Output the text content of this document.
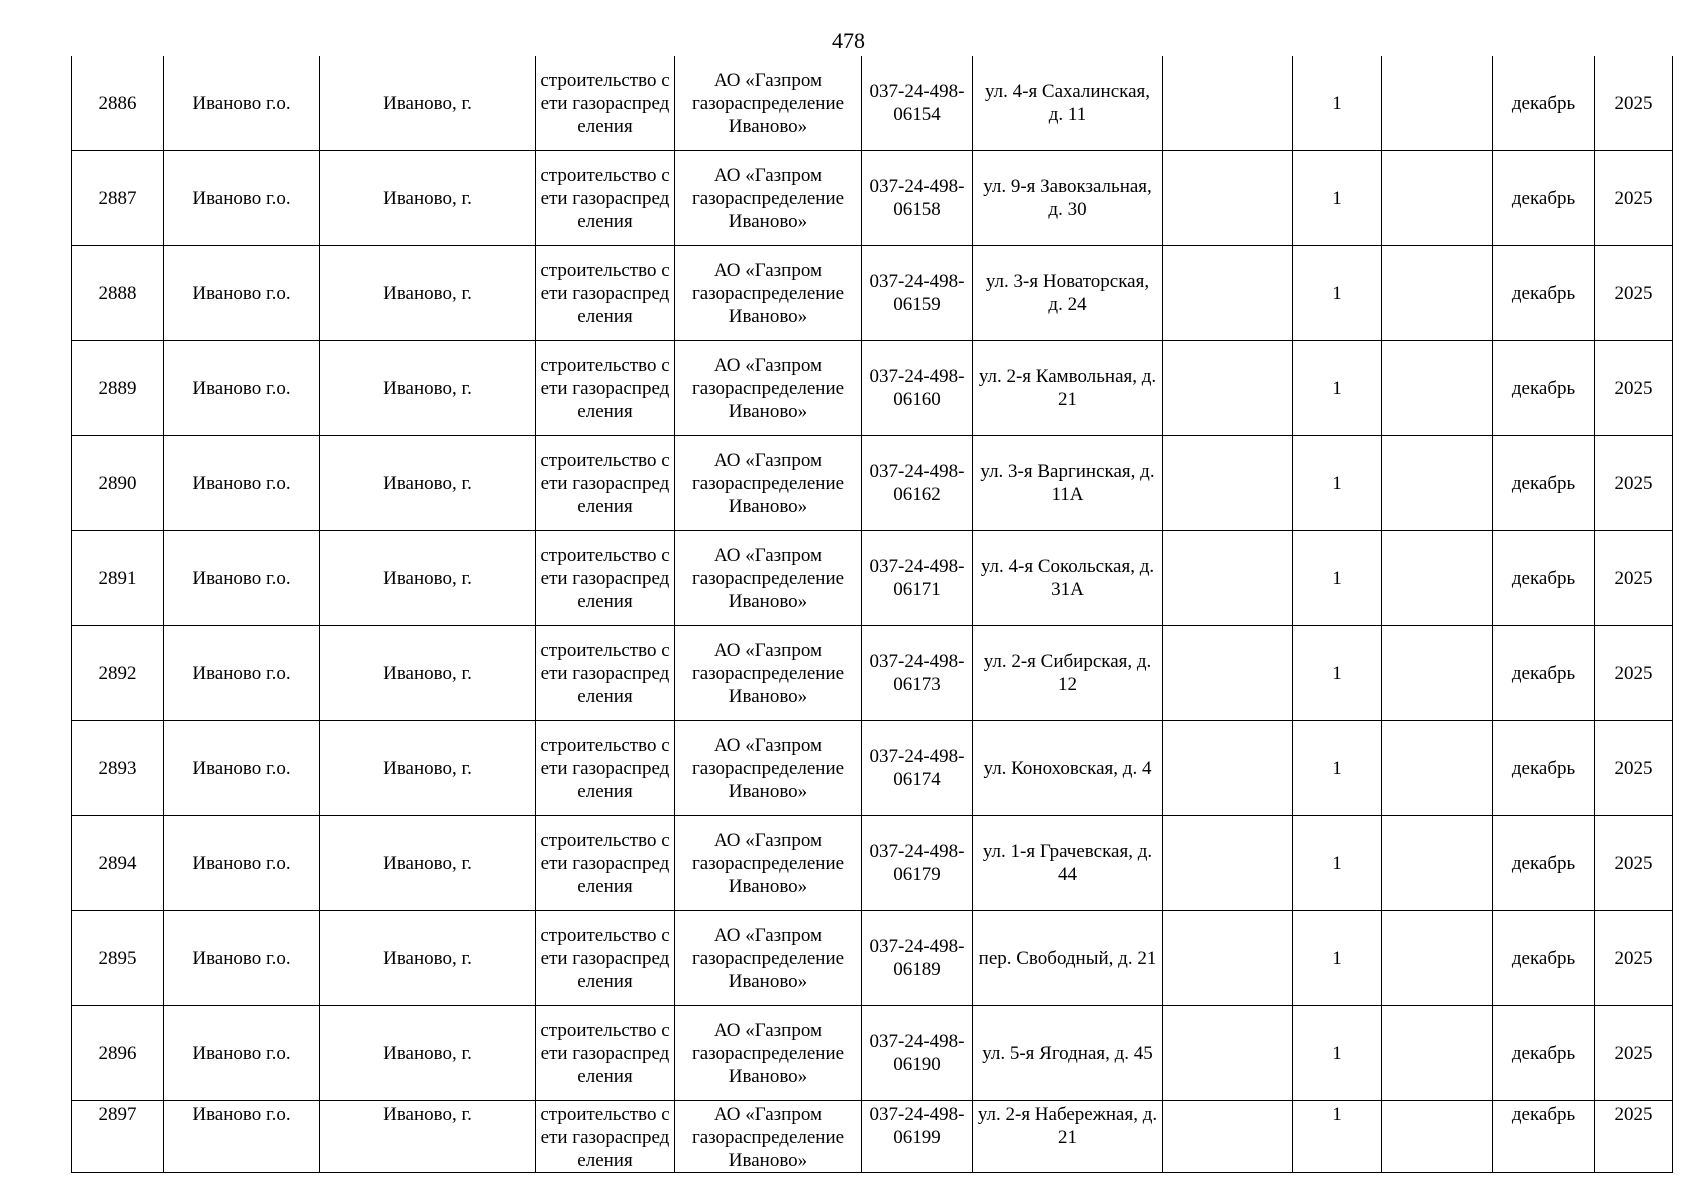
478
2886	Иваново г.о.	Иваново, г.	строительство сети газораспределения	АО «Газпром газораспределение Иваново»	037-24-498-06154	ул. 4-я Сахалинская, д. 11		1		декабрь	2025

2887	Иваново г.о.	Иваново, г.	строительство сети газораспределения	АО «Газпром газораспределение Иваново»	037-24-498-06158	ул. 9-я Завокзальная, д. 30		1		декабрь	2025

2888	Иваново г.о.	Иваново, г.	строительство сети газораспределения	АО «Газпром газораспределение Иваново»	037-24-498-06159	ул. 3-я Новаторская, д. 24		1		декабрь	2025

2889	Иваново г.о.	Иваново, г.	строительство сети газораспределения	АО «Газпром газораспределение Иваново»	037-24-498-06160	ул. 2-я Камвольная, д. 21		1		декабрь	2025

2890	Иваново г.о.	Иваново, г.	строительство сети газораспределения	АО «Газпром газораспределение Иваново»	037-24-498-06162	ул. 3-я Варгинская, д. 11А		1		декабрь	2025

2891	Иваново г.о.	Иваново, г.	строительство сети газораспределения	АО «Газпром газораспределение Иваново»	037-24-498-06171	ул. 4-я Сокольская, д. 31А		1		декабрь	2025

2892	Иваново г.о.	Иваново, г.	строительство сети газораспределения	АО «Газпром газораспределение Иваново»	037-24-498-06173	ул. 2-я Сибирская, д. 12		1		декабрь	2025

2893	Иваново г.о.	Иваново, г.	строительство сети газораспределения	АО «Газпром газораспределение Иваново»	037-24-498-06174	ул. Коноховская, д. 4		1		декабрь	2025

2894	Иваново г.о.	Иваново, г.	строительство сети газораспределения	АО «Газпром газораспределение Иваново»	037-24-498-06179	ул. 1-я Грачевская, д. 44		1		декабрь	2025

2895	Иваново г.о.	Иваново, г.	строительство сети газораспределения	АО «Газпром газораспределение Иваново»	037-24-498-06189	пер. Свободный, д. 21		1		декабрь	2025

2896	Иваново г.о.	Иваново, г.	строительство сети газораспределения	АО «Газпром газораспределение Иваново»	037-24-498-06190	ул. 5-я Ягодная, д. 45		1		декабрь	2025

2897	Иваново г.о.	Иваново, г.	строительство сети газораспределения	АО «Газпром газораспределение Иваново»	037-24-498-06199	ул. 2-я Набережная, д. 21		1		декабрь	2025
